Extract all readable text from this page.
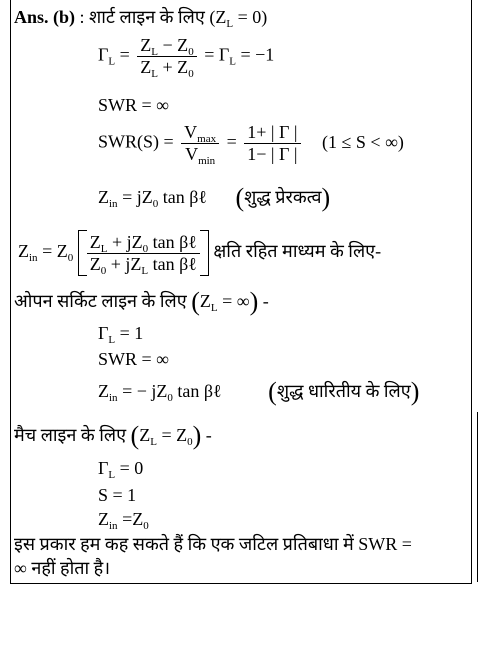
Ans. (b) : शार्ट लाइन के लिए $(Z_L = 0)$
$\Gamma_L = \frac{Z_L - Z_0}{Z_L + Z_0} = \Gamma_L = -1$
SWR = ∞
$SWR(S) = \frac{V_{max}}{V_{min}} = \frac{1+ | \Gamma |}{1- | \Gamma |} (1 \le S$ < ∞)
$Z_{in} = jZ_0$ tan βℓ (शुद्ध प्रेरकत्व)
$Z_{in} = Z_0 \frac{Z_L + jZ_0 \tan \beta\ell}{Z_0 + jZ_L \tan \beta\ell}$ क्षति रहित माध्यम के लिए-
ओपन सर्किट लाइन के लिए ($Z_L$ = ∞) -
$\Gamma_L = 1$
SWR = ∞
$Z_{in}$ = − $jZ_0$ tan βℓ (शुद्ध धारितीय के लिए)
मैच लाइन के लिए $(Z_L = Z_0)$ -
$\Gamma_L = 0$
S = 1
$Z_{in} =Z_0$
इस प्रकार हम कह सकते हैं कि एक जटिल प्रतिबाधा में SWR =
∞ नहीं होता है।
